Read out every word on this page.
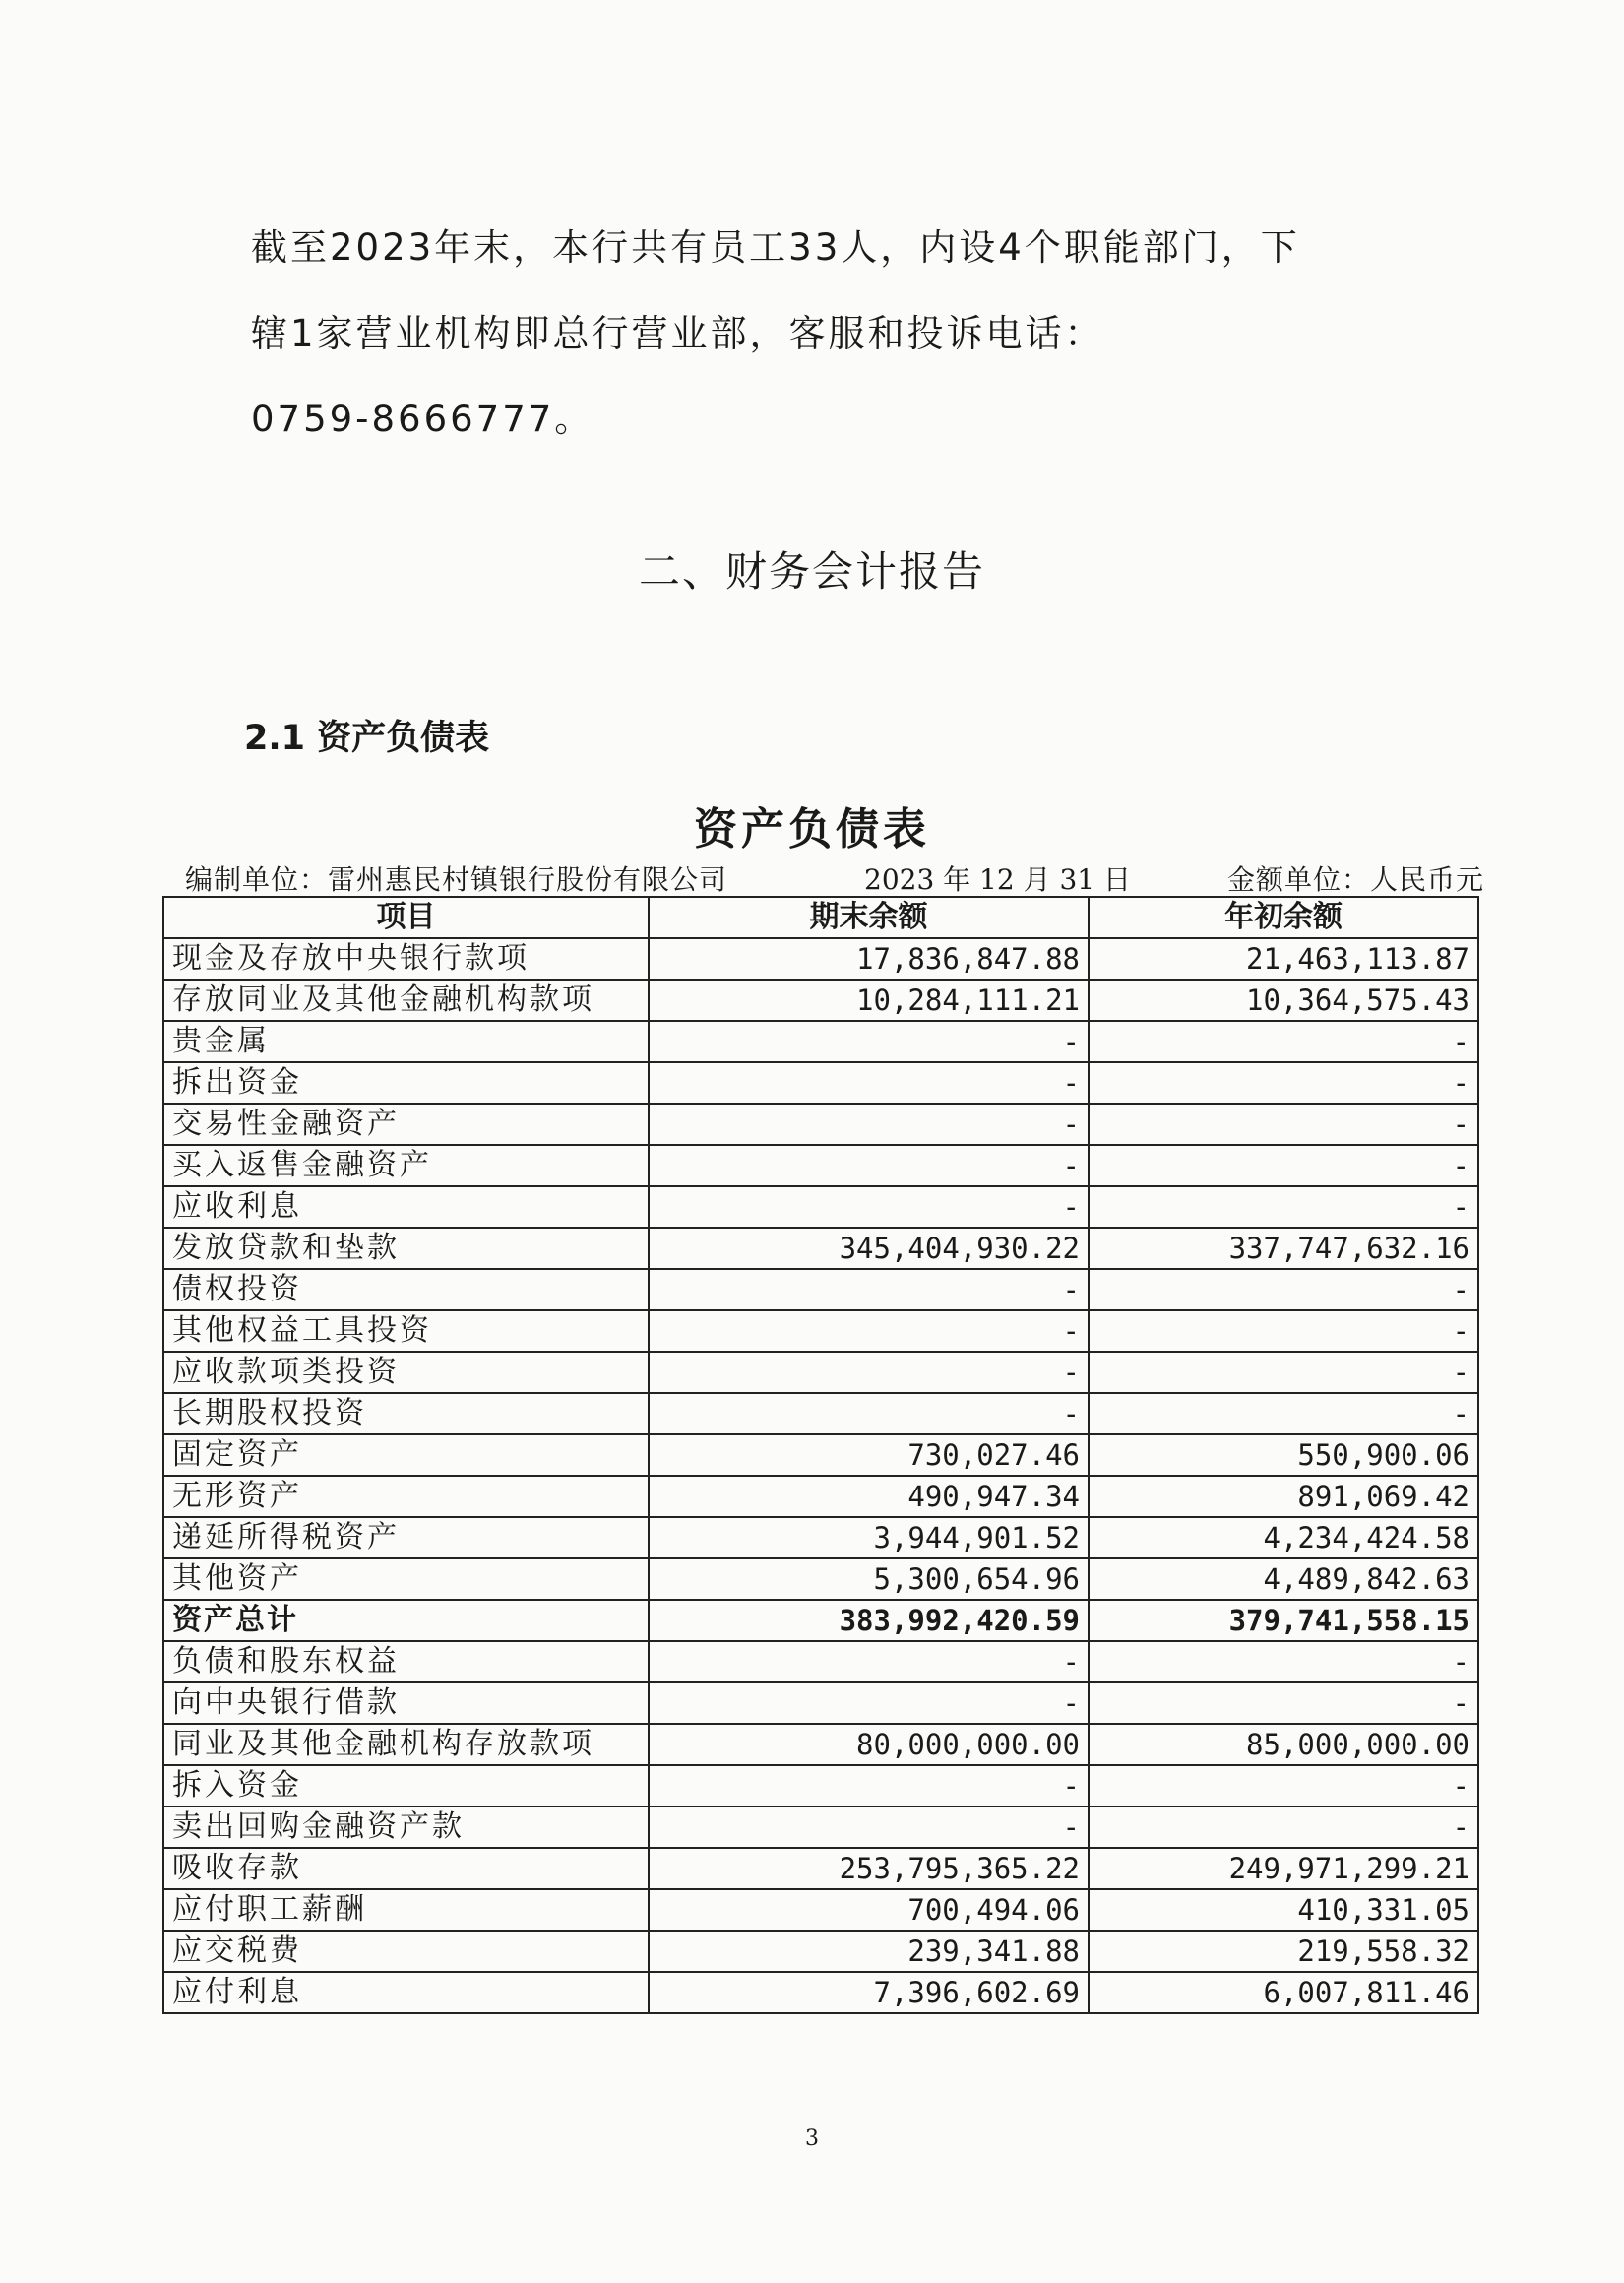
截至2023年末，本行共有员工33人，内设4个职能部门，下

辖1家营业机构即总行营业部，客服和投诉电话：

0759-8666777。

二、财务会计报告
2.1 资产负债表
资产负债表
编制单位：雷州惠民村镇银行股份有限公司	2023 年 12 月 31 日	金额单位：人民币元
项目	期末余额	年初余额
现金及存放中央银行款项	17,836,847.88	21,463,113.87
存放同业及其他金融机构款项	10,284,111.21	10,364,575.43
贵金属	-	-
拆出资金	-	-
交易性金融资产	-	-
买入返售金融资产	-	-
应收利息	-	-
发放贷款和垫款	345,404,930.22	337,747,632.16
债权投资	-	-
其他权益工具投资	-	-
应收款项类投资	-	-
长期股权投资	-	-
固定资产	730,027.46	550,900.06
无形资产	490,947.34	891,069.42
递延所得税资产	3,944,901.52	4,234,424.58
其他资产	5,300,654.96	4,489,842.63
资产总计	383,992,420.59	379,741,558.15
负债和股东权益	-	-
向中央银行借款	-	-
同业及其他金融机构存放款项	80,000,000.00	85,000,000.00
拆入资金	-	-
卖出回购金融资产款	-	-
吸收存款	253,795,365.22	249,971,299.21
应付职工薪酬	700,494.06	410,331.05
应交税费	239,341.88	219,558.32
应付利息	7,396,602.69	6,007,811.46
3
